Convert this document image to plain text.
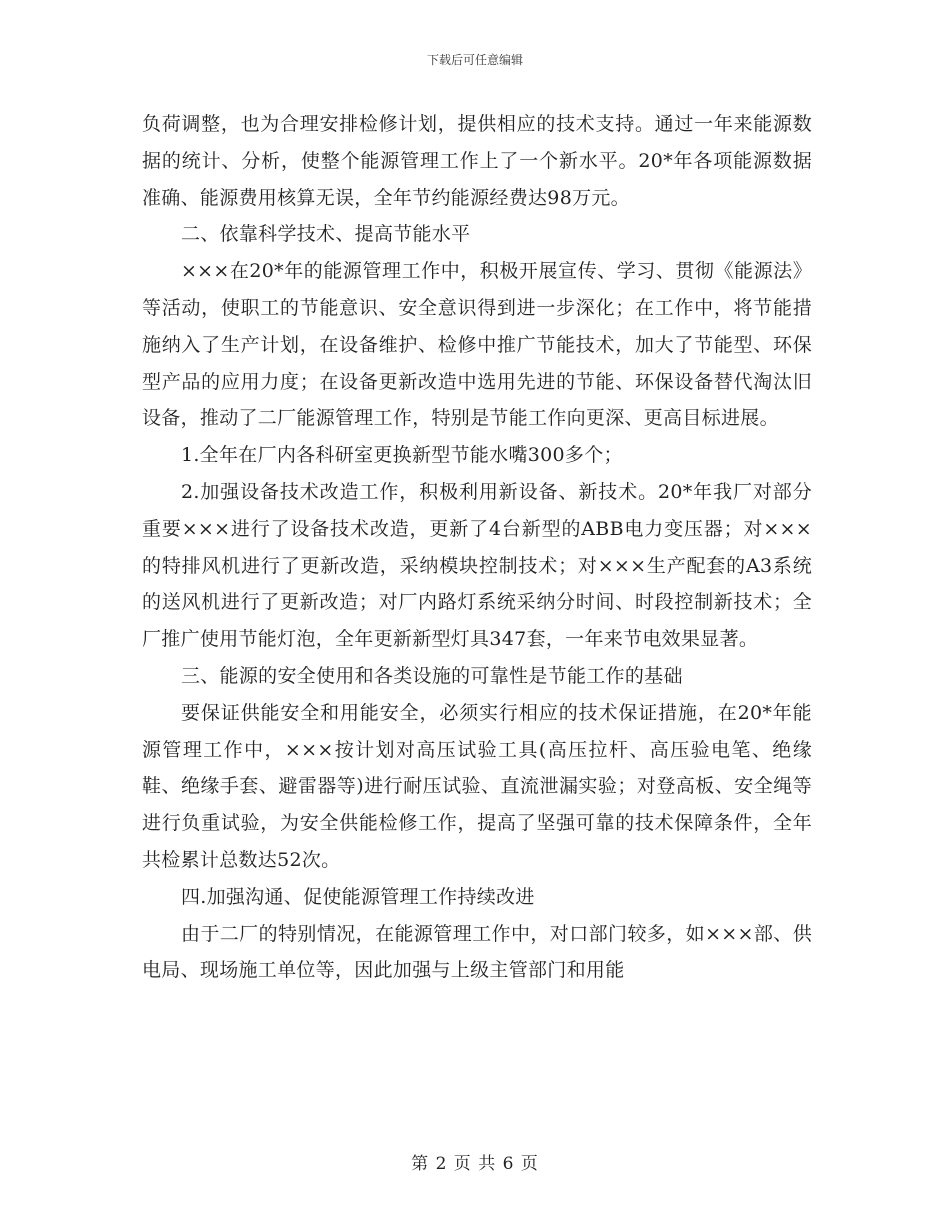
下载后可任意编辑

负荷调整，也为合理安排检修计划，提供相应的技术支持。通过一年来能源数据的统计、分析，使整个能源管理工作上了一个新水平。20*年各项能源数据准确、能源费用核算无误，全年节约能源经费达98万元。

二、依靠科学技术、提高节能水平

×××在20*年的能源管理工作中，积极开展宣传、学习、贯彻《能源法》等活动，使职工的节能意识、安全意识得到进一步深化；在工作中，将节能措施纳入了生产计划，在设备维护、检修中推广节能技术，加大了节能型、环保型产品的应用力度；在设备更新改造中选用先进的节能、环保设备替代淘汰旧设备，推动了二厂能源管理工作，特别是节能工作向更深、更高目标进展。

1.全年在厂内各科研室更换新型节能水嘴300多个；

2.加强设备技术改造工作，积极利用新设备、新技术。20*年我厂对部分重要×××进行了设备技术改造，更新了4台新型的ABB电力变压器；对×××的特排风机进行了更新改造，采纳模块控制技术；对×××生产配套的A3系统的送风机进行了更新改造；对厂内路灯系统采纳分时间、时段控制新技术；全厂推广使用节能灯泡，全年更新新型灯具347套，一年来节电效果显著。

三、能源的安全使用和各类设施的可靠性是节能工作的基础

要保证供能安全和用能安全，必须实行相应的技术保证措施，在20*年能源管理工作中，×××按计划对高压试验工具(高压拉杆、高压验电笔、绝缘鞋、绝缘手套、避雷器等)进行耐压试验、直流泄漏实验；对登高板、安全绳等进行负重试验，为安全供能检修工作，提高了坚强可靠的技术保障条件，全年共检累计总数达52次。

四.加强沟通、促使能源管理工作持续改进

由于二厂的特别情况，在能源管理工作中，对口部门较多，如×××部、供电局、现场施工单位等，因此加强与上级主管部门和用能

第 2 页 共 6 页
